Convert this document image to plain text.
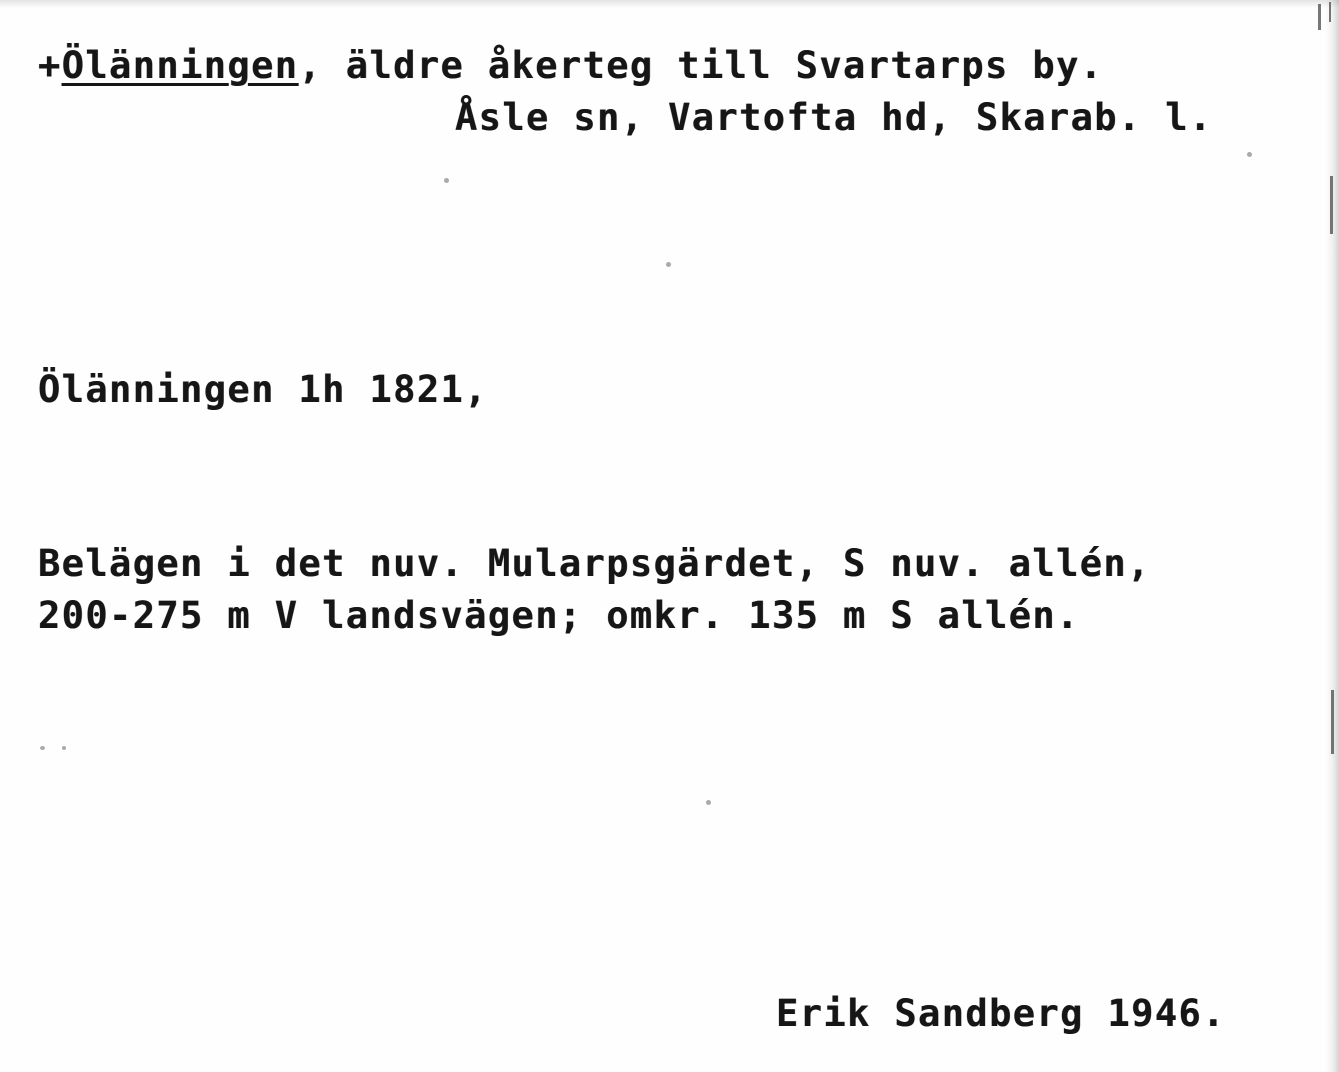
+Ölänningen, äldre åkerteg till Svartarps by.
Åsle sn, Vartofta hd, Skarab. l.
Ölänningen 1h 1821,
Belägen i det nuv. Mularpsgärdet, S nuv. allén,
200-275 m V landsvägen; omkr. 135 m S allén.
Erik Sandberg 1946.
